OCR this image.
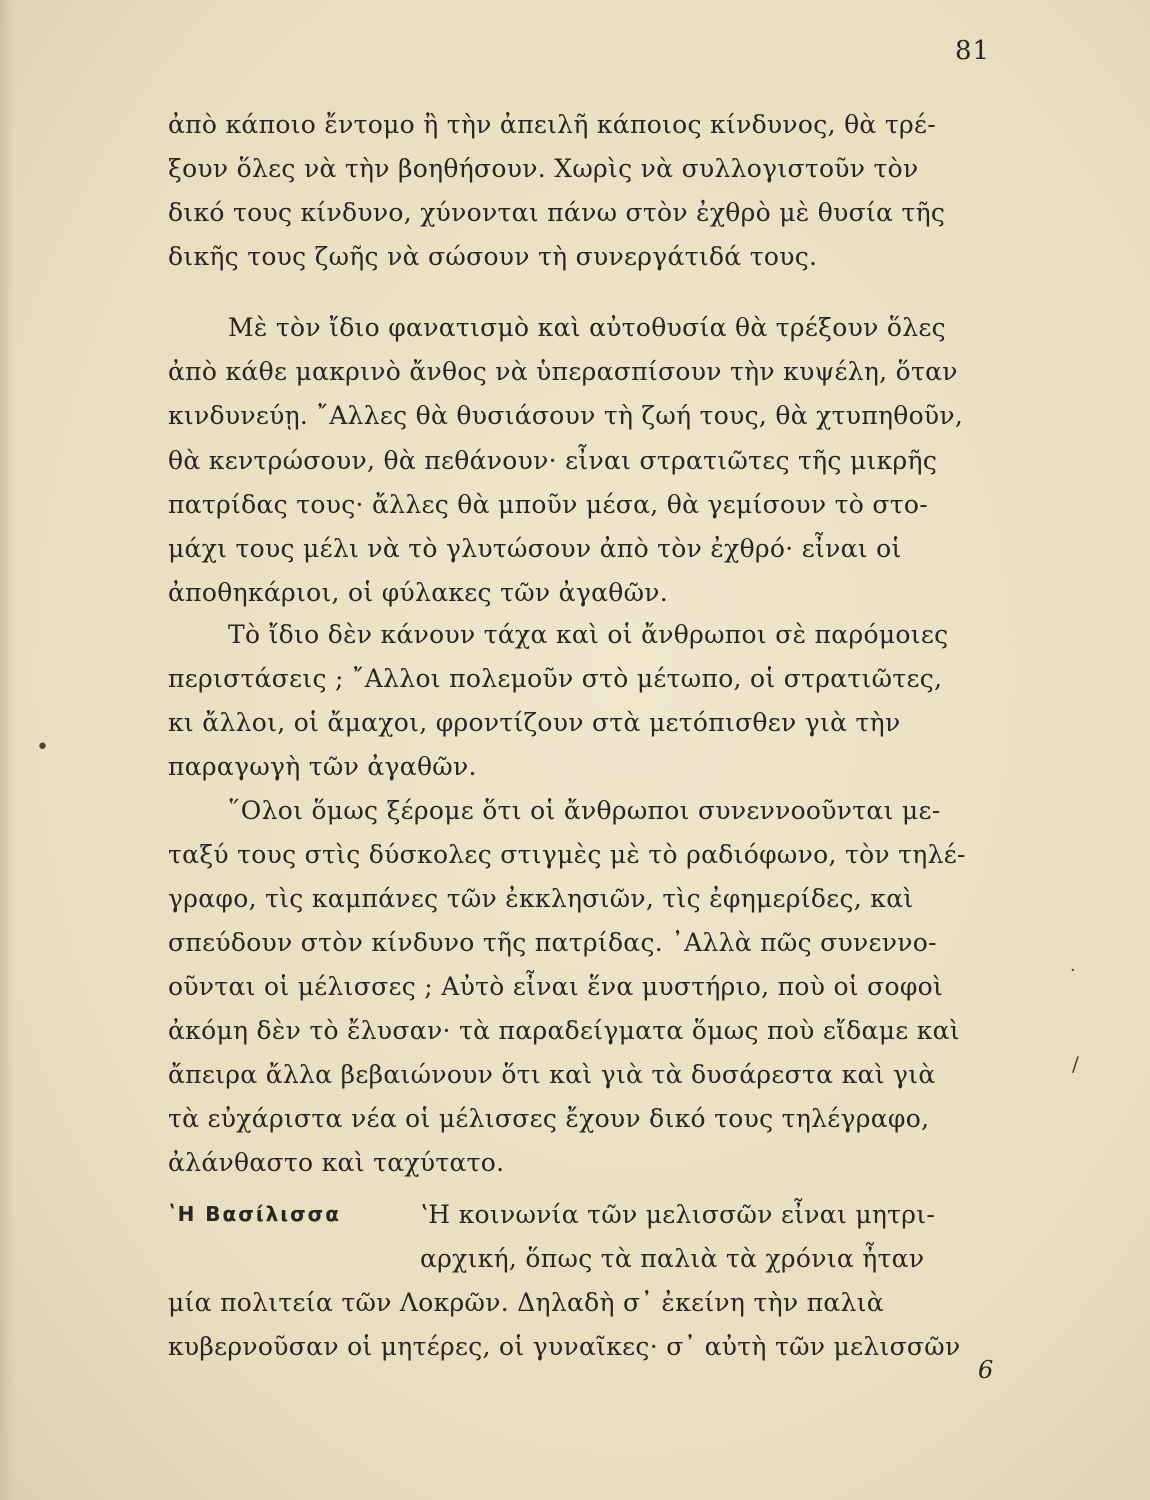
81
ἀπὸ κάποιο ἔντομο ἢ τὴν ἀπειλῆ κάποιος κίνδυνος, θὰ τρέ-
ξουν ὅλες νὰ τὴν βοηθήσουν. Χωρὶς νὰ συλλογιστοῦν τὸν
δικό τους κίνδυνο, χύνονται πάνω στὸν ἐχθρὸ μὲ θυσία τῆς
δικῆς τους ζωῆς νὰ σώσουν τὴ συνεργάτιδά τους.
Μὲ τὸν ἴδιο φανατισμὸ καὶ αὐτοθυσία θὰ τρέξουν ὅλες
ἀπὸ κάθε μακρινὸ ἄνθος νὰ ὑπερασπίσουν τὴν κυψέλη, ὅταν
κινδυνεύῃ. ῎Αλλες θὰ θυσιάσουν τὴ ζωή τους, θὰ χτυπηθοῦν,
θὰ κεντρώσουν, θὰ πεθάνουν· εἶναι στρατιῶτες τῆς μικρῆς
πατρίδας τους· ἄλλες θὰ μποῦν μέσα, θὰ γεμίσουν τὸ στο-
μάχι τους μέλι νὰ τὸ γλυτώσουν ἀπὸ τὸν ἐχθρό· εἶναι οἱ
ἀποθηκάριοι, οἱ φύλακες τῶν ἀγαθῶν.
Τὸ ἴδιο δὲν κάνουν τάχα καὶ οἱ ἄνθρωποι σὲ παρόμοιες
περιστάσεις ; ῎Αλλοι πολεμοῦν στὸ μέτωπο, οἱ στρατιῶτες,
κι ἄλλοι, οἱ ἄμαχοι, φροντίζουν στὰ μετόπισθεν γιὰ τὴν
παραγωγὴ τῶν ἀγαθῶν.
῞Ολοι ὅμως ξέρομε ὅτι οἱ ἄνθρωποι συνεννοοῦνται με-
ταξύ τους στὶς δύσκολες στιγμὲς μὲ τὸ ραδιόφωνο, τὸν τηλέ-
γραφο, τὶς καμπάνες τῶν ἐκκλησιῶν, τὶς ἐφημερίδες, καὶ
σπεύδουν στὸν κίνδυνο τῆς πατρίδας. ᾿Αλλὰ πῶς συνεννο-
οῦνται οἱ μέλισσες ; Αὐτὸ εἶναι ἕνα μυστήριο, ποὺ οἱ σοφοὶ
ἀκόμη δὲν τὸ ἔλυσαν· τὰ παραδείγματα ὅμως ποὺ εἴδαμε καὶ
ἄπειρα ἄλλα βεβαιώνουν ὅτι καὶ γιὰ τὰ δυσάρεστα καὶ γιὰ
τὰ εὐχάριστα νέα οἱ μέλισσες ἔχουν δικό τους τηλέγραφο,
ἀλάνθαστο καὶ ταχύτατο.
ʽΗ Βασίλισσα	ʽΗ κοινωνία τῶν μελισσῶν εἶναι μητρι-
αρχική, ὅπως τὰ παλιὰ τὰ χρόνια ἦταν
μία πολιτεία τῶν Λοκρῶν. Δηλαδὴ σ᾿ ἐκείνη τὴν παλιὰ
κυβερνοῦσαν οἱ μητέρες, οἱ γυναῖκες· σ᾿ αὐτὴ τῶν μελισσῶν
6
•
·
/
